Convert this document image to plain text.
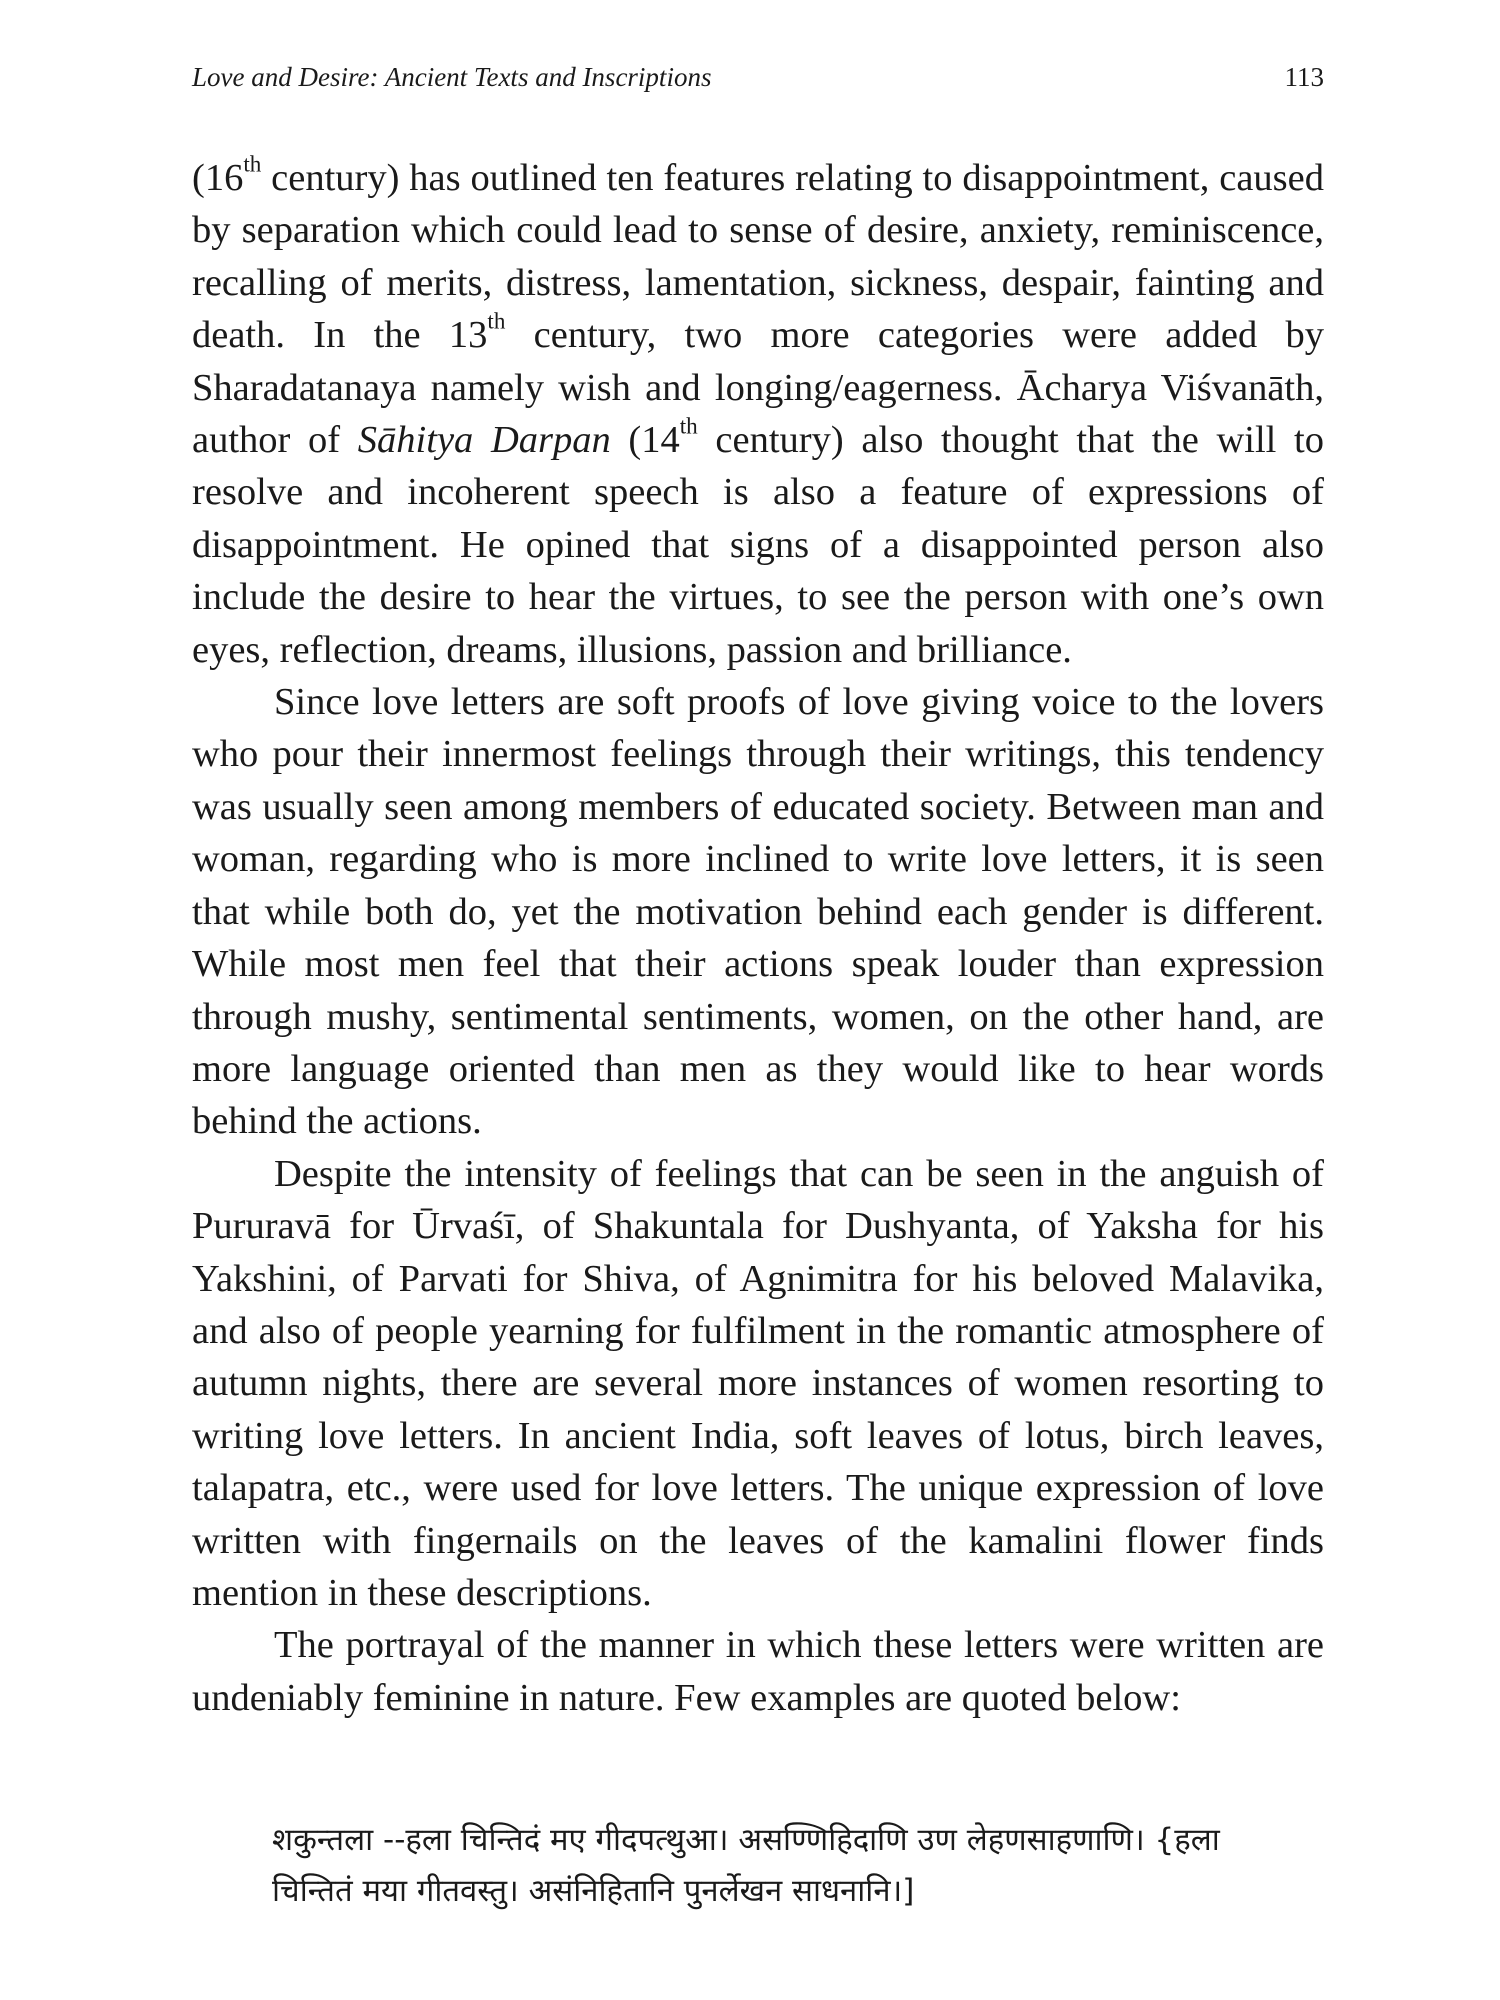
Love and Desire: Ancient Texts and Inscriptions	113

(16th century) has outlined ten features relating to disappointment, caused by separation which could lead to sense of desire, anxiety, reminiscence, recalling of merits, distress, lamentation, sickness, despair, fainting and death. In the 13th century, two more categories were added by Sharadatanaya namely wish and longing/eagerness. Ācharya Viśvanāth, author of Sāhitya Darpan (14th century) also thought that the will to resolve and incoherent speech is also a feature of expressions of disappointment. He opined that signs of a disappointed person also include the desire to hear the virtues, to see the person with one’s own eyes, reflection, dreams, illusions, passion and brilliance.

Since love letters are soft proofs of love giving voice to the lovers who pour their innermost feelings through their writings, this tendency was usually seen among members of educated society. Between man and woman, regarding who is more inclined to write love letters, it is seen that while both do, yet the motivation behind each gender is different. While most men feel that their actions speak louder than expression through mushy, sentimental sentiments, women, on the other hand, are more language oriented than men as they would like to hear words behind the actions.

Despite the intensity of feelings that can be seen in the anguish of Pururavā for Ūrvaśī, of Shakuntala for Dushyanta, of Yaksha for his Yakshini, of Parvati for Shiva, of Agnimitra for his beloved Malavika, and also of people yearning for fulfilment in the romantic atmosphere of autumn nights, there are several more instances of women resorting to writing love letters. In ancient India, soft leaves of lotus, birch leaves, talapatra, etc., were used for love letters. The unique expression of love written with fingernails on the leaves of the kamalini flower finds mention in these descriptions.

The portrayal of the manner in which these letters were written are undeniably feminine in nature. Few examples are quoted below:

शकुन्तला --हला चिन्तिदं मए गीदपत्थुआ। असण्णिहिदाणि उण लेहणसाहणाणि। {हला चिन्तितं मया गीतवस्तु। असंनिहितानि पुनर्लेखन साधनानि।]
